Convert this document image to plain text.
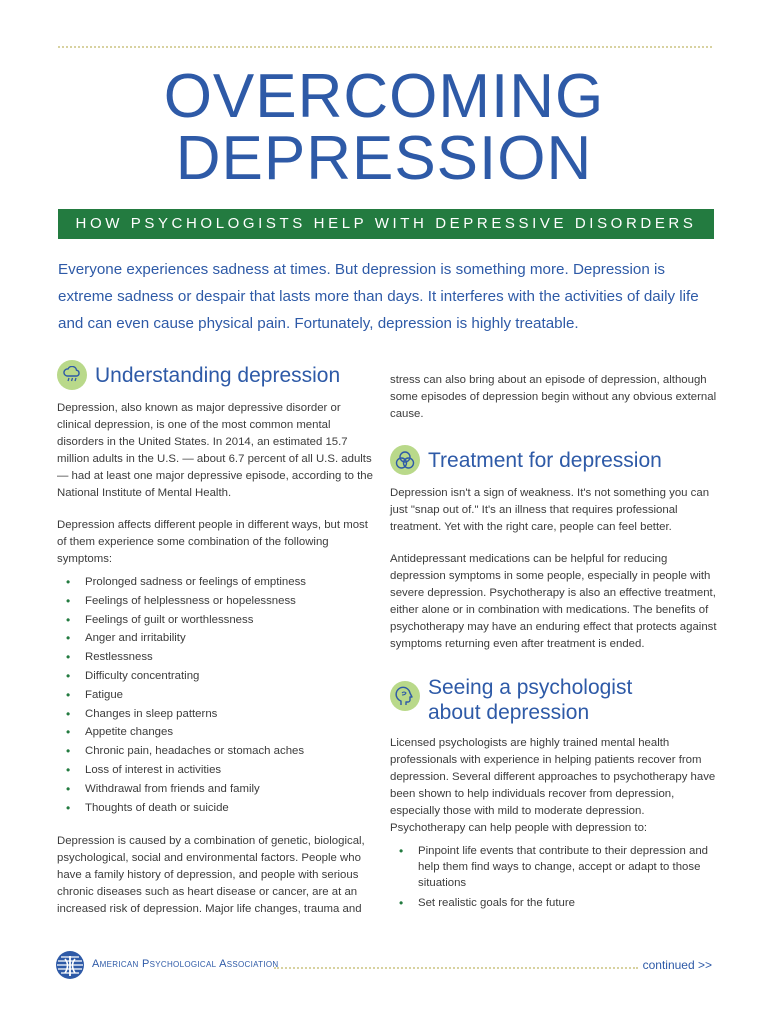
OVERCOMING
DEPRESSION
HOW PSYCHOLOGISTS HELP WITH DEPRESSIVE DISORDERS
Everyone experiences sadness at times. But depression is something more. Depression is extreme sadness or despair that lasts more than days. It interferes with the activities of daily life and can even cause physical pain. Fortunately, depression is highly treatable.
Understanding depression

Depression, also known as major depressive disorder or clinical depression, is one of the most common mental disorders in the United States. In 2014, an estimated 15.7 million adults in the U.S. — about 6.7 percent of all U.S. adults — had at least one major depressive episode, according to the National Institute of Mental Health.

Depression affects different people in different ways, but most of them experience some combination of the following symptoms:

• Prolonged sadness or feelings of emptiness
• Feelings of helplessness or hopelessness
• Feelings of guilt or worthlessness
• Anger and irritability
• Restlessness
• Difficulty concentrating
• Fatigue
• Changes in sleep patterns
• Appetite changes
• Chronic pain, headaches or stomach aches
• Loss of interest in activities
• Withdrawal from friends and family
• Thoughts of death or suicide

Depression is caused by a combination of genetic, biological, psychological, social and environmental factors. People who have a family history of depression, and people with serious chronic diseases such as heart disease or cancer, are at an increased risk of depression. Major life changes, trauma and

stress can also bring about an episode of depression, although some episodes of depression begin without any obvious external cause.

Treatment for depression

Depression isn't a sign of weakness. It's not something you can just "snap out of." It's an illness that requires professional treatment. Yet with the right care, people can feel better.

Antidepressant medications can be helpful for reducing depression symptoms in some people, especially in people with severe depression. Psychotherapy is also an effective treatment, either alone or in combination with medications. The benefits of psychotherapy may have an enduring effect that protects against symptoms returning even after treatment is ended.

Seeing a psychologist
about depression

Licensed psychologists are highly trained mental health professionals with experience in helping patients recover from depression. Several different approaches to psychotherapy have been shown to help individuals recover from depression, especially those with mild to moderate depression. Psychotherapy can help people with depression to:

• Pinpoint life events that contribute to their depression and help them find ways to change, accept or adapt to those situations
• Set realistic goals for the future
American Psychological Association	continued >>
